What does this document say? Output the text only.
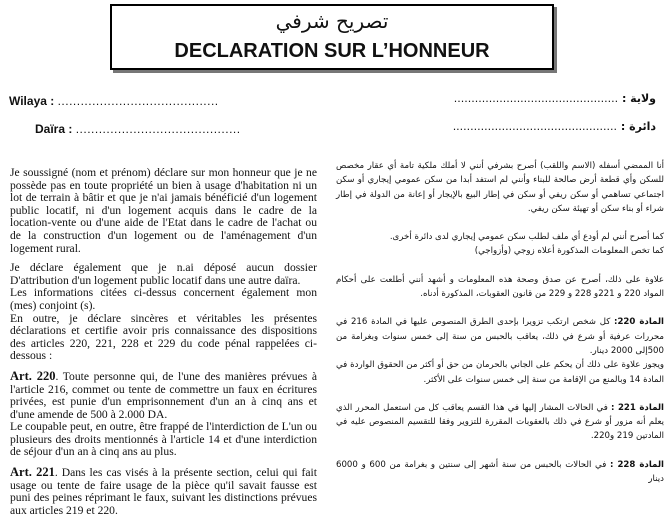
تصريح شرفي
DECLARATION SUR L’HONNEUR
Wilaya : ..........................................
Daïra : ...........................................
ولاية : ...............................................
دائرة : ...............................................

Je soussigné (nom et prénom) déclare sur mon honneur que je ne possède pas en toute propriété un bien à usage d'habitation ni un lot de terrain à bâtir et que je n'ai jamais bénéficié d'un logement public locatif, ni d'un logement acquis dans le cadre de la location-vente ou d'une aide de l'Etat dans le cadre de l'achat ou de la construction d'un logement ou de l'aménagement d'un logement rural.

Je déclare également que je n.ai déposé aucun dossier D'attribution d'un logement public locatif dans une autre daïra.

Les informations citées ci-dessus concernent également mon (mes) conjoint (s).

En outre, je déclare sincères et véritables les présentes déclarations et certifie avoir pris connaissance des dispositions des articles 220, 221, 228 et 229 du code pénal rappelées ci-dessous :

Art. 220. Toute personne qui, de l'une des manières prévues à l'article 216, commet ou tente de commettre un faux en écritures privées, est punie d'un emprisonnement d'un an à cinq ans et d'une amende de 500 à 2.000 DA.

Le coupable peut, en outre, être frappé de l'interdiction de L'un ou plusieurs des droits mentionnés à l'article 14 et d'une interdiction de séjour d'un an à cinq ans au plus.

Art. 221. Dans les cas visés à la présente section, celui qui fait usage ou tente de faire usage de la pièce qu'il savait fausse est puni des peines réprimant le faux, suivant les distinctions prévues aux articles 219 et 220.

أنا الممضي أسفله (الاسم واللقب) أصرح بشرفي أنني لا أملك ملكية تامة أي عقار مخصص للسكن وأي قطعة أرض صالحة للبناء وأنني لم استفد أبدا من سكن عمومي إيجاري أو سكن اجتماعي تساهمي أو سكن ريفي أو سكن في إطار البيع بالإيجار أو إعانة من الدولة في إطار شراء أو بناء سكن أو تهيئة سكن ريفي.

كما أصرح أنني لم أودع أي ملف لطلب سكن عمومي إيجاري لدى دائرة أخرى.

كما تخص المعلومات المذكورة أعلاه زوجي (وأزواجي)

علاوة على ذلك، أصرح عن صدق وصحة هذه المعلومات و أشهد أنني أطلعت على أحكام المواد 220 و 221و 228 و 229 من قانون العقوبات، المذكورة أدناه.

المادة 220: كل شخص ارتكب تزويرا بإحدى الطرق المنصوص عليها في المادة 216 في محررات عرفية أو شرع في ذلك، يعاقب بالحبس من سنة إلى خمس سنوات وبغرامة من 500إلى 2000 دينار.

ويجوز علاوة على ذلك أن يحكم على الجاني بالحرمان من حق أو أكثر من الحقوق الواردة في المادة 14 وبالمنع من الإقامة من سنة إلى خمس سنوات على الأكثر.

المادة 221 : في الحالات المشار إليها في هذا القسم يعاقب كل من استعمل المحرر الذي يعلم أنه مزور أو شرع في ذلك بالعقوبات المقررة للتزوير وفقا للتقسيم المنصوص عليه في المادتين 219 و220.

المادة 228 : في الحالات بالحبس من سنة أشهر إلى سنتين و بغرامة من 600 و 6000 دينار
